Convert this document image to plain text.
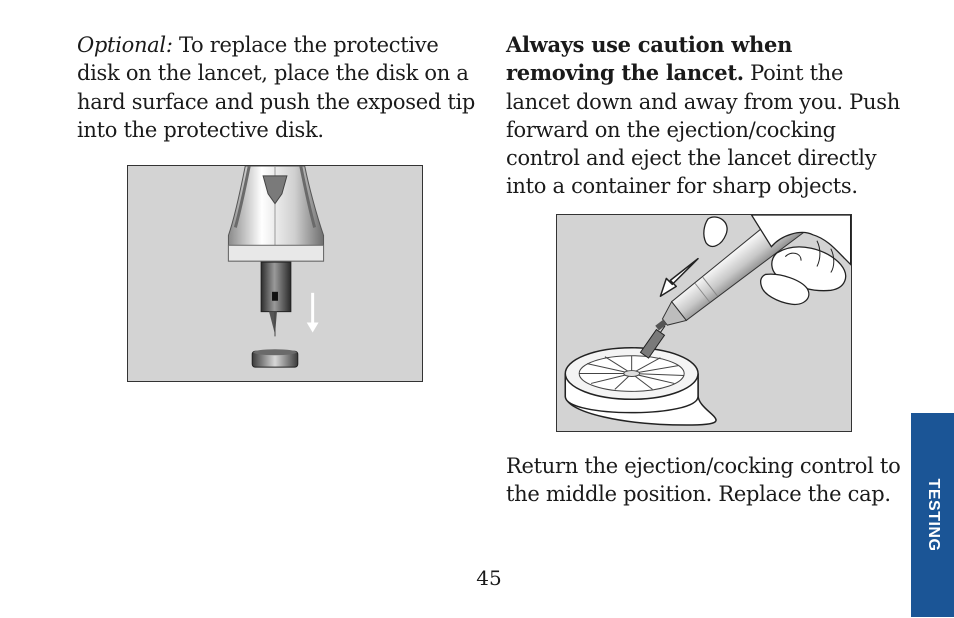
Optional: To replace the protective disk on the lancet, place the disk on a hard surface and push the exposed tip into the protective disk.

Always use caution when removing the lancet. Point the lancet down and away from you. Push forward on the ejection/cocking control and eject the lancet directly into a container for sharp objects.

Return the ejection/cocking control to the middle position. Replace the cap.

45
TESTING
